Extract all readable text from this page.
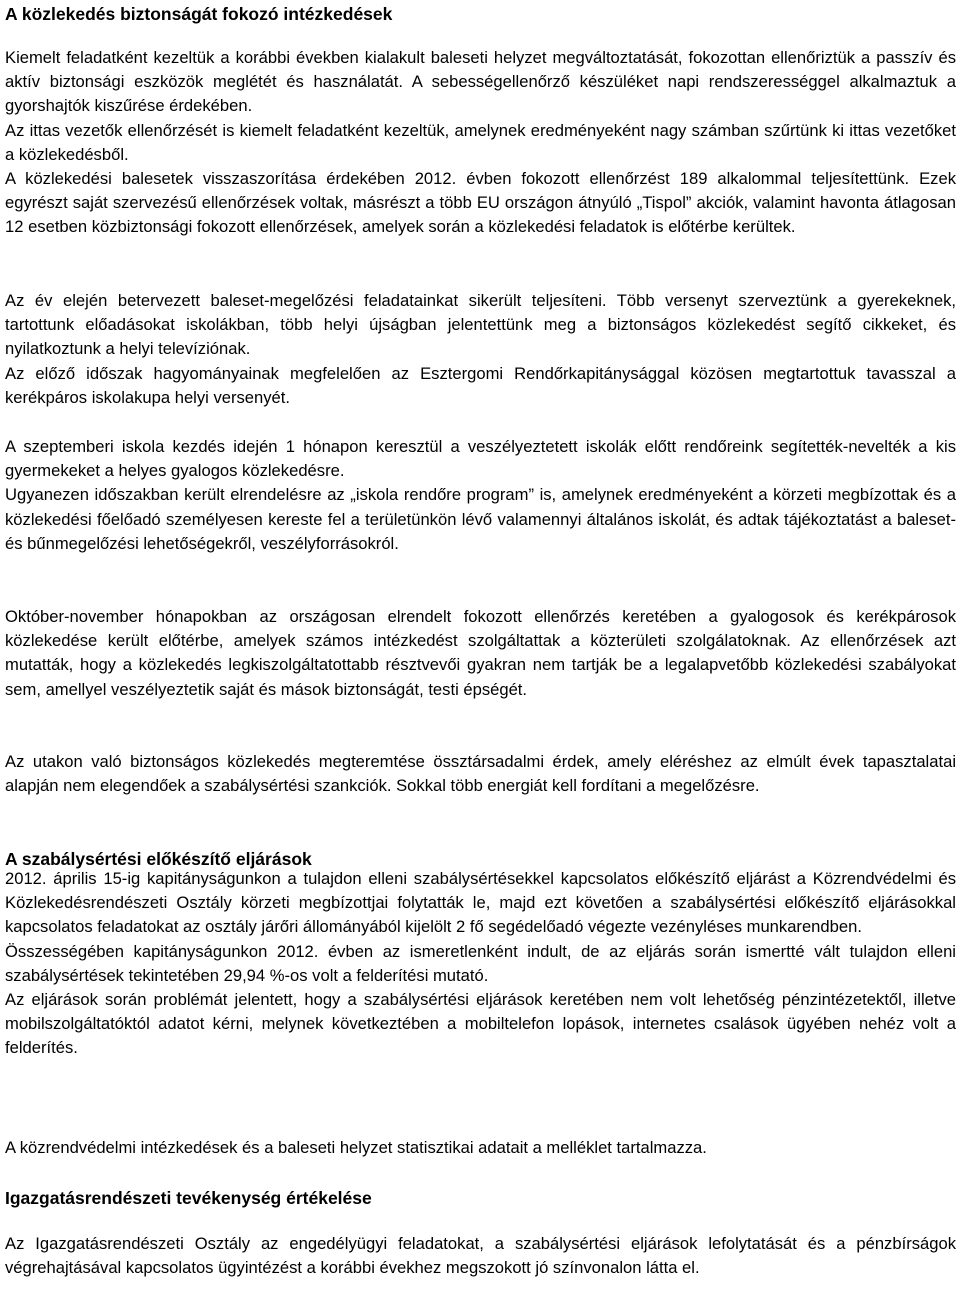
A közlekedés biztonságát fokozó intézkedések

Kiemelt feladatként kezeltük a korábbi években kialakult baleseti helyzet megváltoztatását, fokozottan ellenőriztük a passzív és aktív biztonsági eszközök meglétét és használatát. A sebességellenőrző készüléket napi rendszerességgel alkalmaztuk a gyorshajtók kiszűrése érdekében.

Az ittas vezetők ellenőrzését is kiemelt feladatként kezeltük, amelynek eredményeként nagy számban szűrtünk ki ittas vezetőket a közlekedésből.

A közlekedési balesetek visszaszorítása érdekében 2012. évben fokozott ellenőrzést 189 alkalommal teljesítettünk. Ezek egyrészt saját szervezésű ellenőrzések voltak, másrészt a több EU országon átnyúló „Tispol” akciók, valamint havonta átlagosan 12 esetben közbiztonsági fokozott ellenőrzések, amelyek során a közlekedési feladatok is előtérbe kerültek.

Az év elején betervezett baleset-megelőzési feladatainkat sikerült teljesíteni. Több versenyt szerveztünk a gyerekeknek, tartottunk előadásokat iskolákban, több helyi újságban jelentettünk meg a biztonságos közlekedést segítő cikkeket, és nyilatkoztunk a helyi televíziónak.

Az előző időszak hagyományainak megfelelően az Esztergomi Rendőrkapitánysággal közösen megtartottuk tavasszal a kerékpáros iskolakupa helyi versenyét.

A szeptemberi iskola kezdés idején 1 hónapon keresztül a veszélyeztetett iskolák előtt rendőreink segítették-nevelték a kis gyermekeket a helyes gyalogos közlekedésre.

Ugyanezen időszakban került elrendelésre az „iskola rendőre program” is, amelynek eredményeként a körzeti megbízottak és a közlekedési főelőadó személyesen kereste fel a területünkön lévő valamennyi általános iskolát, és adtak tájékoztatást a baleset- és bűnmegelőzési lehetőségekről, veszélyforrásokról.

Október-november hónapokban az országosan elrendelt fokozott ellenőrzés keretében a gyalogosok és kerékpárosok közlekedése került előtérbe, amelyek számos intézkedést szolgáltattak a közterületi szolgálatoknak. Az ellenőrzések azt mutatták, hogy a közlekedés legkiszolgáltatottabb résztvevői gyakran nem tartják be a legalapvetőbb közlekedési szabályokat sem, amellyel veszélyeztetik saját és mások biztonságát, testi épségét.

Az utakon való biztonságos közlekedés megteremtése össztársadalmi érdek, amely eléréshez az elmúlt évek tapasztalatai alapján nem elegendőek a szabálysértési szankciók. Sokkal több energiát kell fordítani a megelőzésre.

A szabálysértési előkészítő eljárások

2012. április 15-ig kapitányságunkon a tulajdon elleni szabálysértésekkel kapcsolatos előkészítő eljárást a Közrendvédelmi és Közlekedésrendészeti Osztály körzeti megbízottjai folytatták le, majd ezt követően a szabálysértési előkészítő eljárásokkal kapcsolatos feladatokat az osztály járőri állományából kijelölt 2 fő segédelőadó végezte vezényléses munkarendben.

Összességében kapitányságunkon 2012. évben az ismeretlenként indult, de az eljárás során ismertté vált tulajdon elleni szabálysértések tekintetében 29,94 %-os volt a felderítési mutató.

Az eljárások során problémát jelentett, hogy a szabálysértési eljárások keretében nem volt lehetőség pénzintézetektől, illetve mobilszolgáltatóktól adatot kérni, melynek következtében a mobiltelefon lopások, internetes csalások ügyében nehéz volt a felderítés.

A közrendvédelmi intézkedések és a baleseti helyzet statisztikai adatait a melléklet tartalmazza.

Igazgatásrendészeti tevékenység értékelése

Az Igazgatásrendészeti Osztály az engedélyügyi feladatokat, a szabálysértési eljárások lefolytatását és a pénzbírságok végrehajtásával kapcsolatos ügyintézést a korábbi évekhez megszokott jó színvonalon látta el.
